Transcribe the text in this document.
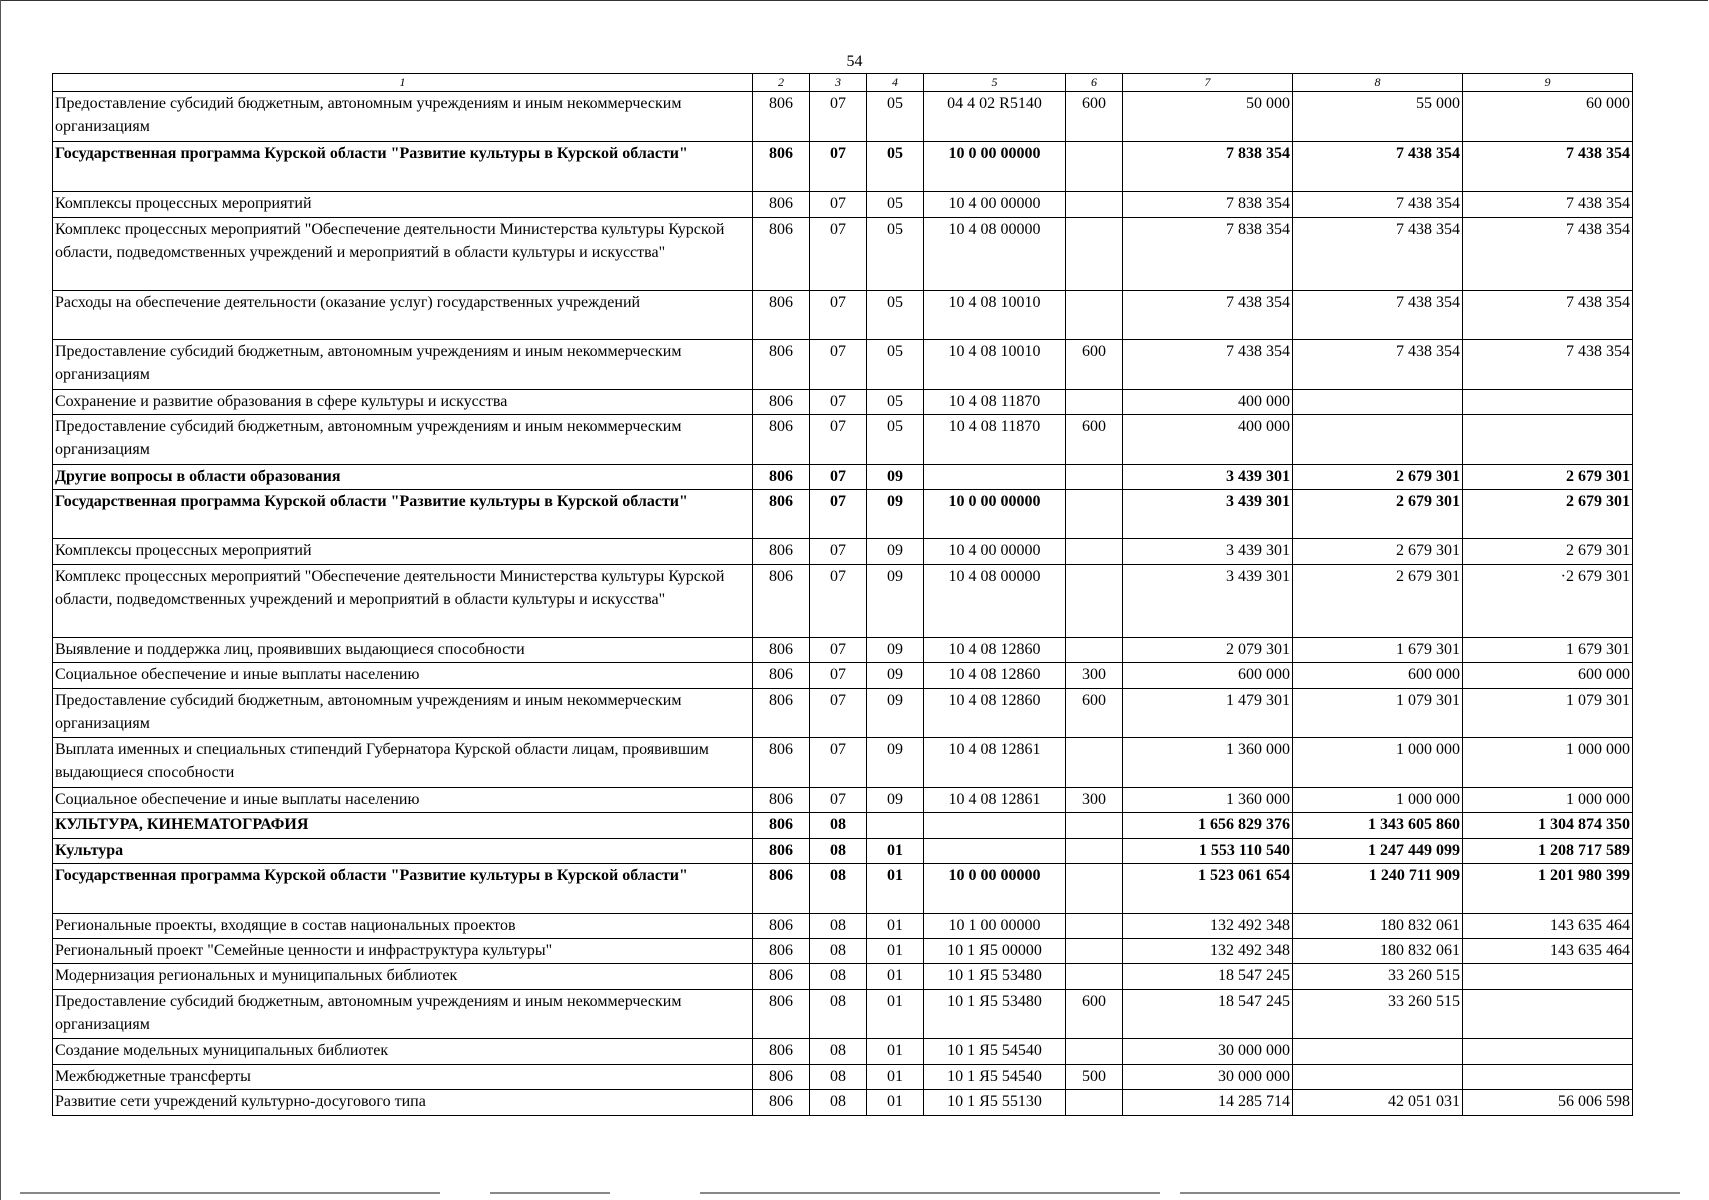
54
1	2	3	4	5	6	7	8	9
Предоставление субсидий бюджетным, автономным учреждениям и иным некоммерческим организациям	806	07	05	04 4 02 R5140	600	50 000	55 000	60 000
Государственная программа Курской области "Развитие культуры в Курской области"	806	07	05	10 0 00 00000		7 838 354	7 438 354	7 438 354
Комплексы процессных мероприятий	806	07	05	10 4 00 00000		7 838 354	7 438 354	7 438 354
Комплекс процессных мероприятий "Обеспечение деятельности Министерства культуры Курской области, подведомственных учреждений и мероприятий в области культуры и искусства"	806	07	05	10 4 08 00000		7 838 354	7 438 354	7 438 354
Расходы на обеспечение деятельности (оказание услуг) государственных учреждений	806	07	05	10 4 08 10010		7 438 354	7 438 354	7 438 354
Предоставление субсидий бюджетным, автономным учреждениям и иным некоммерческим организациям	806	07	05	10 4 08 10010	600	7 438 354	7 438 354	7 438 354
Сохранение и развитие образования в сфере культуры и искусства	806	07	05	10 4 08 11870		400 000		
Предоставление субсидий бюджетным, автономным учреждениям и иным некоммерческим организациям	806	07	05	10 4 08 11870	600	400 000		
Другие вопросы в области образования	806	07	09			3 439 301	2 679 301	2 679 301
Государственная программа Курской области "Развитие культуры в Курской области"	806	07	09	10 0 00 00000		3 439 301	2 679 301	2 679 301
Комплексы процессных мероприятий	806	07	09	10 4 00 00000		3 439 301	2 679 301	2 679 301
Комплекс процессных мероприятий "Обеспечение деятельности Министерства культуры Курской области, подведомственных учреждений и мероприятий в области культуры и искусства"	806	07	09	10 4 08 00000		3 439 301	2 679 301	·2 679 301
Выявление и поддержка лиц, проявивших выдающиеся способности	806	07	09	10 4 08 12860		2 079 301	1 679 301	1 679 301
Социальное обеспечение и иные выплаты населению	806	07	09	10 4 08 12860	300	600 000	600 000	600 000
Предоставление субсидий бюджетным, автономным учреждениям и иным некоммерческим организациям	806	07	09	10 4 08 12860	600	1 479 301	1 079 301	1 079 301
Выплата именных и специальных стипендий Губернатора Курской области лицам, проявившим выдающиеся способности	806	07	09	10 4 08 12861		1 360 000	1 000 000	1 000 000
Социальное обеспечение и иные выплаты населению	806	07	09	10 4 08 12861	300	1 360 000	1 000 000	1 000 000
КУЛЬТУРА, КИНЕМАТОГРАФИЯ	806	08				1 656 829 376	1 343 605 860	1 304 874 350
Культура	806	08	01			1 553 110 540	1 247 449 099	1 208 717 589
Государственная программа Курской области "Развитие культуры в Курской области"	806	08	01	10 0 00 00000		1 523 061 654	1 240 711 909	1 201 980 399
Региональные проекты, входящие в состав национальных проектов	806	08	01	10 1 00 00000		132 492 348	180 832 061	143 635 464
Региональный проект "Семейные ценности и инфраструктура культуры"	806	08	01	10 1 Я5 00000		132 492 348	180 832 061	143 635 464
Модернизация региональных и муниципальных библиотек	806	08	01	10 1 Я5 53480		18 547 245	33 260 515	
Предоставление субсидий бюджетным, автономным учреждениям и иным некоммерческим организациям	806	08	01	10 1 Я5 53480	600	18 547 245	33 260 515	
Создание модельных муниципальных библиотек	806	08	01	10 1 Я5 54540		30 000 000		
Межбюджетные трансферты	806	08	01	10 1 Я5 54540	500	30 000 000		
Развитие сети учреждений культурно-досугового типа	806	08	01	10 1 Я5 55130		14 285 714	42 051 031	56 006 598
